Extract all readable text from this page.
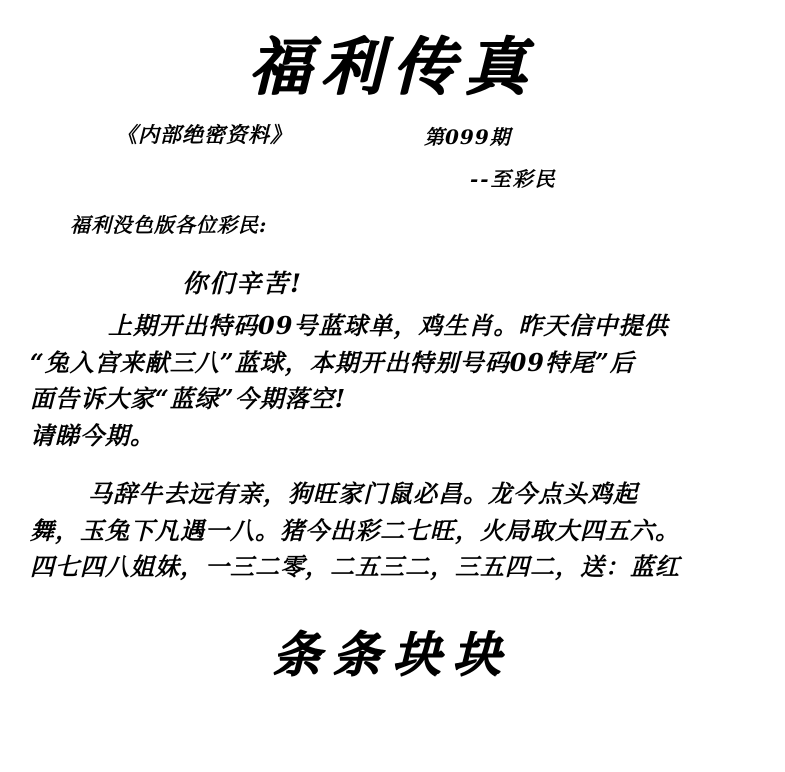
福利传真
《内部绝密资料》	第099期
--至彩民
福利没色版各位彩民:
你们辛苦!
上期开出特码09号蓝球单，鸡生肖。昨天信中提供
“兔入宫来献三八”蓝球，本期开出特别号码09特尾”后
面告诉大家“蓝绿”今期落空!
请睇今期。
马辞牛去远有亲，狗旺家门鼠必昌。龙今点头鸡起
舞，玉兔下凡遇一八。猪今出彩二七旺，火局取大四五六。
四七四八姐妹，一三二零，二五三二，三五四二，送：蓝红
条条块块
